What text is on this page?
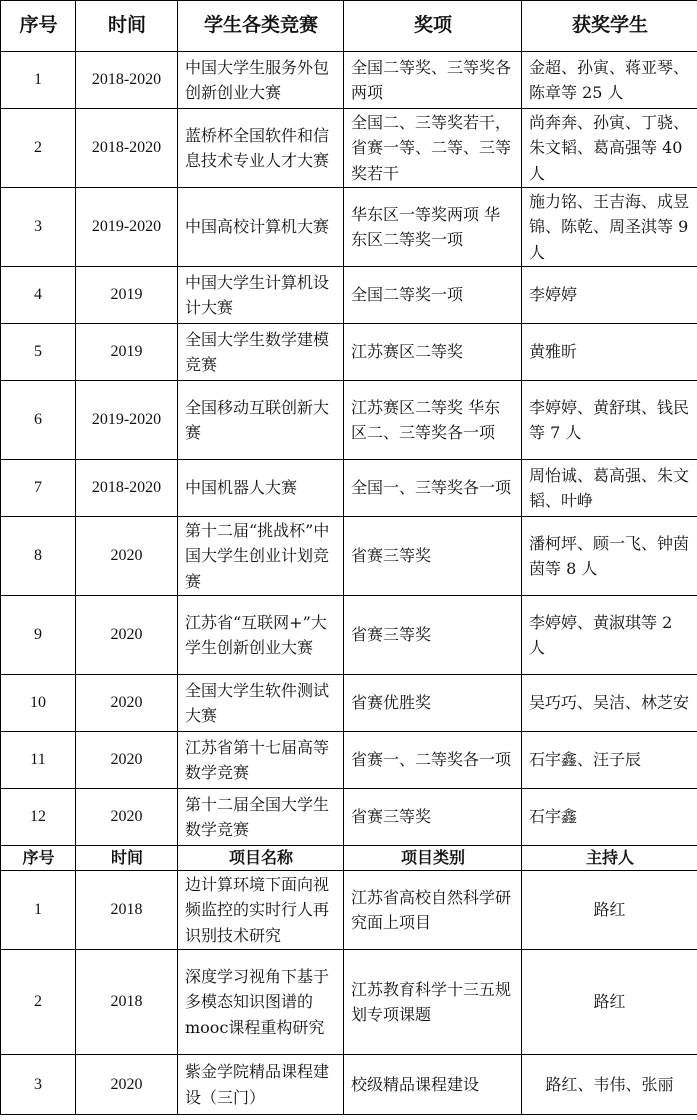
序号	时间	学生各类竞赛	奖项	获奖学生
1	2018-2020	中国大学生服务外包创新创业大赛	全国二等奖、三等奖各两项	金超、孙寅、蒋亚琴、陈章等 25 人
2	2018-2020	蓝桥杯全国软件和信息技术专业人才大赛	全国二、三等奖若干，省赛一等、二等、三等奖若干	尚奔奔、孙寅、丁骁、朱文韬、葛高强等 40 人
3	2019-2020	中国高校计算机大赛	华东区一等奖两项 华东区二等奖一项	施力铭、王吉海、成昱锦、陈乾、周圣淇等 9 人
4	2019	中国大学生计算机设计大赛	全国二等奖一项	李婷婷
5	2019	全国大学生数学建模竞赛	江苏赛区二等奖	黄雅昕
6	2019-2020	全国移动互联创新大赛	江苏赛区二等奖 华东区二、三等奖各一项	李婷婷、黄舒琪、钱民等 7 人
7	2018-2020	中国机器人大赛	全国一、三等奖各一项	周怡诚、葛高强、朱文韬、叶峥
8	2020	第十二届“挑战杯”中国大学生创业计划竞赛	省赛三等奖	潘柯坪、顾一飞、钟茵茵等 8 人
9	2020	江苏省“互联网+”大学生创新创业大赛	省赛三等奖	李婷婷、黄淑琪等 2 人
10	2020	全国大学生软件测试大赛	省赛优胜奖	吴巧巧、吴洁、林芝安
11	2020	江苏省第十七届高等数学竞赛	省赛一、二等奖各一项	石宇鑫、汪子辰
12	2020	第十二届全国大学生数学竞赛	省赛三等奖	石宇鑫
序号	时间	项目名称	项目类别	主持人
1	2018	边计算环境下面向视频监控的实时行人再识别技术研究	江苏省高校自然科学研究面上项目	路红
2	2018	深度学习视角下基于多模态知识图谱的mooc课程重构研究	江苏教育科学十三五规划专项课题	路红
3	2020	紫金学院精品课程建设（三门）	校级精品课程建设	路红、韦伟、张丽
